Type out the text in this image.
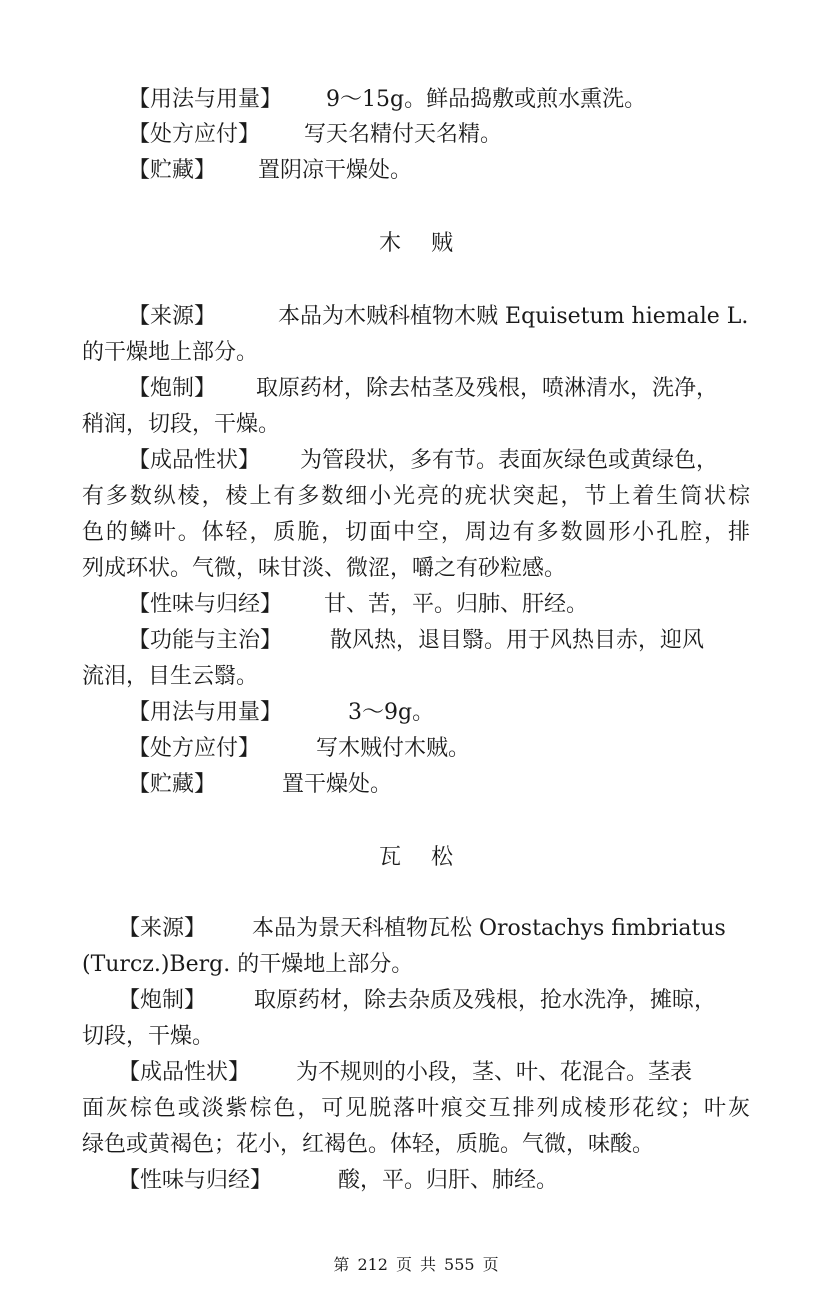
【用法与用量】 9～15g。鲜品捣敷或煎水熏洗。
【处方应付】 写天名精付天名精。
【贮藏】 置阴凉干燥处。
木贼
【来源】	本品为木贼科植物木贼 Equisetum hiemale L.
的干燥地上部分。
【炮制】 取原药材，除去枯茎及残根，喷淋清水，洗净，
稍润，切段，干燥。
【成品性状】 为管段状，多有节。表面灰绿色或黄绿色，
有多数纵棱，棱上有多数细小光亮的疣状突起，节上着生筒状棕
色的鳞叶。体轻，质脆，切面中空，周边有多数圆形小孔腔，排
列成环状。气微，味甘淡、微涩，嚼之有砂粒感。
【性味与归经】 甘、苦，平。归肺、肝经。
【功能与主治】 散风热，退目翳。用于风热目赤，迎风
流泪，目生云翳。
【用法与用量】	3～9g。
【处方应付】	写木贼付木贼。
【贮藏】	置干燥处。
瓦松
【来源】 本品为景天科植物瓦松 Orostachys fimbriatus
(Turcz.)Berg. 的干燥地上部分。
【炮制】 取原药材，除去杂质及残根，抢水洗净，摊晾，
切段，干燥。
【成品性状】 为不规则的小段，茎、叶、花混合。茎表
面灰棕色或淡紫棕色，可见脱落叶痕交互排列成棱形花纹；叶灰
绿色或黄褐色；花小，红褐色。体轻，质脆。气微，味酸。
【性味与归经】	酸，平。归肝、肺经。
第 212 页 共 555 页
